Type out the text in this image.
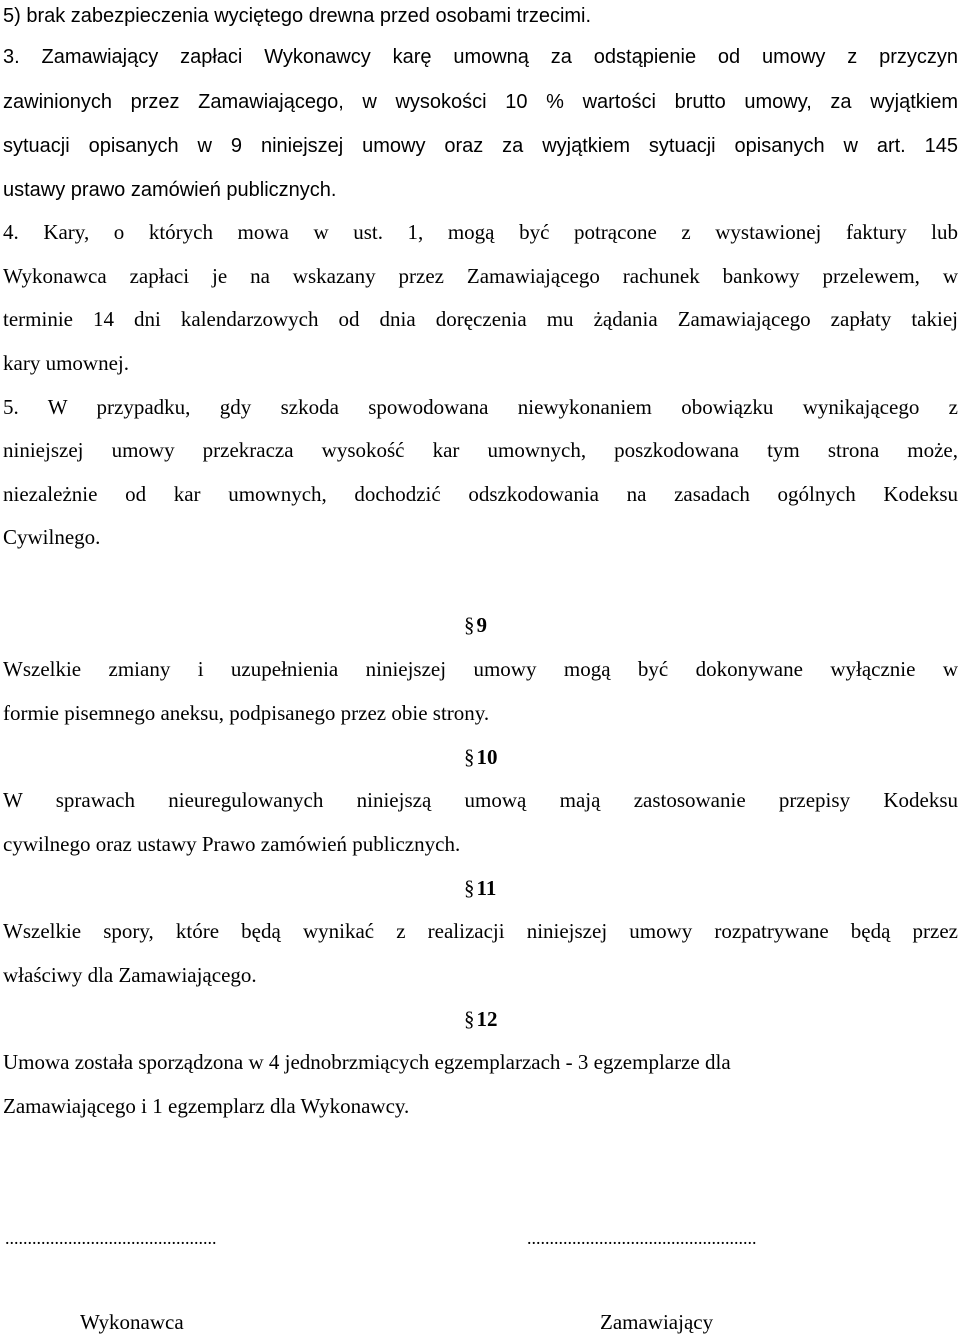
5) brak zabezpieczenia wyciętego drewna przed osobami trzecimi.
3. Zamawiający zapłaci Wykonawcy karę umowną za odstąpienie od umowy z przyczyn
zawinionych przez Zamawiającego, w wysokości 10 % wartości brutto umowy, za wyjątkiem
sytuacji opisanych w 9 niniejszej umowy oraz za wyjątkiem sytuacji opisanych w art. 145
ustawy prawo zamówień publicznych.
4. Kary, o których mowa w ust. 1, mogą być potrącone z wystawionej faktury lub
Wykonawca zapłaci je na wskazany przez Zamawiającego rachunek bankowy przelewem, w
terminie 14 dni kalendarzowych od dnia doręczenia mu żądania Zamawiającego zapłaty takiej
kary umownej.
5. W przypadku, gdy szkoda spowodowana niewykonaniem obowiązku wynikającego z
niniejszej umowy przekracza wysokość kar umownych, poszkodowana tym strona może,
niezależnie od kar umownych, dochodzić odszkodowania na zasadach ogólnych Kodeksu
Cywilnego.
§9
Wszelkie zmiany i uzupełnienia niniejszej umowy mogą być dokonywane wyłącznie w
formie pisemnego aneksu, podpisanego przez obie strony.
§10
W sprawach nieuregulowanych niniejszą umową mają zastosowanie przepisy Kodeksu
cywilnego oraz ustawy Prawo zamówień publicznych.
§11
Wszelkie spory, które będą wynikać z realizacji niniejszej umowy rozpatrywane będą przez
właściwy dla Zamawiającego.
§12
Umowa została sporządzona w 4 jednobrzmiących egzemplarzach - 3 egzemplarze dla
Zamawiającego i 1 egzemplarz dla Wykonawcy.
...............................................	...................................................
Wykonawca	Zamawiający
